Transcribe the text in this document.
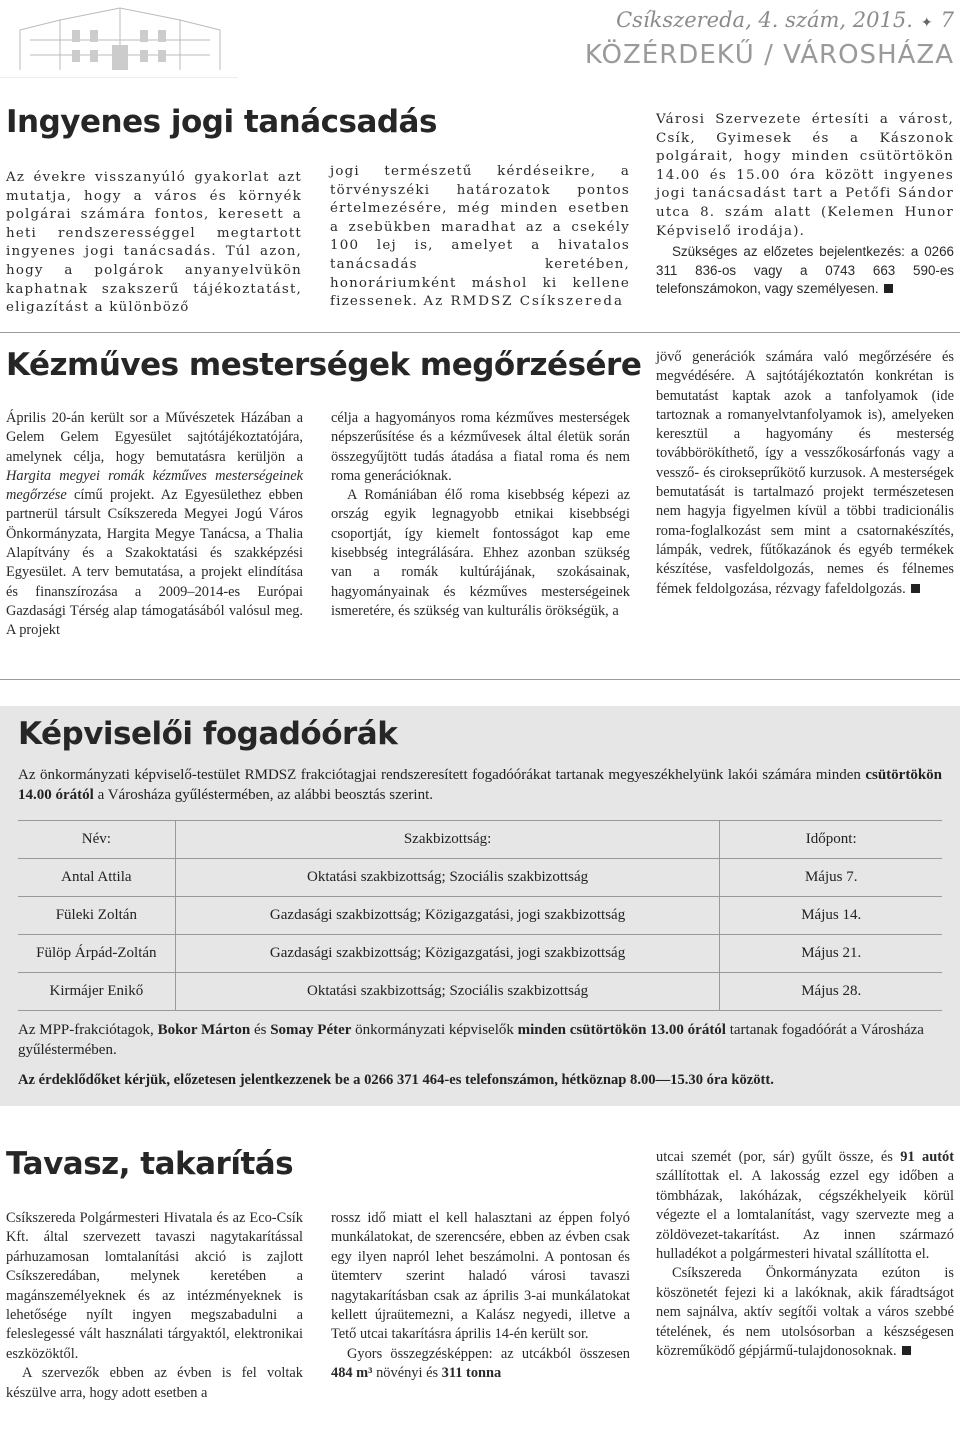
Csíkszereda, 4. szám, 2015. ✦ 7
KÖZÉRDEKŰ / VÁROSHÁZA
Ingyenes jogi tanácsadás

Az évekre visszanyúló gyakorlat azt mutatja, hogy a város és környék polgárai számára fontos, keresett a heti rendszerességgel megtartott ingyenes jogi tanácsadás. Túl azon, hogy a polgárok anyanyelvükön kaphatnak szakszerű tájékoztatást, eligazítást a különböző

jogi természetű kérdéseikre, a törvényszéki határozatok pontos értelmezésére, még minden esetben a zsebükben maradhat az a csekély 100 lej is, amelyet a hivatalos tanácsadás keretében, honoráriumként máshol ki kellene fizessenek. Az RMDSZ Csíkszereda

Városi Szervezete értesíti a várost, Csík, Gyimesek és a Kászonok polgárait, hogy minden csütörtökön 14.00 és 15.00 óra között ingyenes jogi tanácsadást tart a Petőfi Sándor utca 8. szám alatt (Kelemen Hunor Képviselő irodája).

Szükséges az előzetes bejelentkezés: a 0266 311 836-os vagy a 0743 663 590-es telefonszámokon, vagy személyesen.

Kézműves mesterségek megőrzésére

Április 20-án került sor a Művészetek Házában a Gelem Gelem Egyesület sajtótájékoztatójára, amelynek célja, hogy bemutatásra kerüljön a Hargita megyei romák kézműves mesterségeinek megőrzése című projekt. Az Egyesülethez ebben partnerül társult Csíkszereda Megyei Jogú Város Önkormányzata, Hargita Megye Tanácsa, a Thalia Alapítvány és a Szakoktatási és szakképzési Egyesület. A terv bemutatása, a projekt elindítása és finanszírozása a 2009–2014-es Európai Gazdasági Térség alap támogatásából valósul meg. A projekt

célja a hagyományos roma kézműves mesterségek népszerűsítése és a kézművesek által életük során összegyűjtött tudás átadása a fiatal roma és nem roma generációknak.

A Romániában élő roma kisebbség képezi az ország egyik legnagyobb etnikai kisebbségi csoportját, így kiemelt fontosságot kap eme kisebbség integrálására. Ehhez azonban szükség van a romák kultúrájának, szokásainak, hagyományainak és kézműves mesterségeinek ismeretére, és szükség van kulturális örökségük, a

jövő generációk számára való megőrzésére és megvédésére. A sajtótájékoztatón konkrétan is bemutatást kaptak azok a tanfolyamok (ide tartoznak a romanyelvtanfolyamok is), amelyeken keresztül a hagyomány és mesterség továbbörökíthető, így a vesszőkosárfonás vagy a vessző- és cirokseprűkötő kurzusok. A mesterségek bemutatását is tartalmazó projekt természetesen nem hagyja figyelmen kívül a többi tradicionális roma-foglalkozást sem mint a csatornakészítés, lámpák, vedrek, fűtőkazánok és egyéb termékek készítése, vasfeldolgozás, nemes és félnemes fémek feldolgozása, rézvagy fafeldolgozás.

Képviselői fogadóórák
Az önkormányzati képviselő-testület RMDSZ frakciótagjai rendszeresített fogadóórákat tartanak megyeszékhelyünk lakói számára minden csütörtökön 14.00 órától a Városháza gyűléstermében, az alábbi beosztás szerint.
Név:	Szakbizottság:	Időpont:
Antal Attila	Oktatási szakbizottság; Szociális szakbizottság	Május 7.
Füleki Zoltán	Gazdasági szakbizottság; Közigazgatási, jogi szakbizottság	Május 14.
Fülöp Árpád-Zoltán	Gazdasági szakbizottság; Közigazgatási, jogi szakbizottság	Május 21.
Kirmájer Enikő	Oktatási szakbizottság; Szociális szakbizottság	Május 28.
Az MPP-frakciótagok, Bokor Márton és Somay Péter önkormányzati képviselők minden csütörtökön 13.00 órától tartanak fogadóórát a Városháza gyűléstermében.
Az érdeklődőket kérjük, előzetesen jelentkezzenek be a 0266 371 464-es telefonszámon, hétköznap 8.00—15.30 óra között.
Tavasz, takarítás

Csíkszereda Polgármesteri Hivatala és az Eco-Csík Kft. által szervezett tavaszi nagytakarítással párhuzamosan lomtalanítási akció is zajlott Csíkszeredában, melynek keretében a magánszemélyeknek és az intézményeknek is lehetősége nyílt ingyen megszabadulni a feleslegessé vált használati tárgyaktól, elektronikai eszközöktől.

A szervezők ebben az évben is fel voltak készülve arra, hogy adott esetben a

rossz idő miatt el kell halasztani az éppen folyó munkálatokat, de szerencsére, ebben az évben csak egy ilyen napról lehet beszámolni. A pontosan és ütemterv szerint haladó városi tavaszi nagytakarításban csak az április 3-ai munkálatokat kellett újraütemezni, a Kalász negyedi, illetve a Tető utcai takarításra április 14-én került sor.

Gyors összegzésképpen: az utcákból összesen 484 m³ növényi és 311 tonna

utcai szemét (por, sár) gyűlt össze, és 91 autót szállítottak el. A lakosság ezzel egy időben a tömbházak, lakóházak, cégszékhelyeik körül végezte el a lomtalanítást, vagy szervezte meg a zöldövezet-takarítást. Az innen származó hulladékot a polgármesteri hivatal szállította el.

Csíkszereda Önkormányzata ezúton is köszönetét fejezi ki a lakóknak, akik fáradtságot nem sajnálva, aktív segítői voltak a város szebbé tételének, és nem utolsósorban a készségesen közreműködő gépjármű-tulajdonosoknak.
